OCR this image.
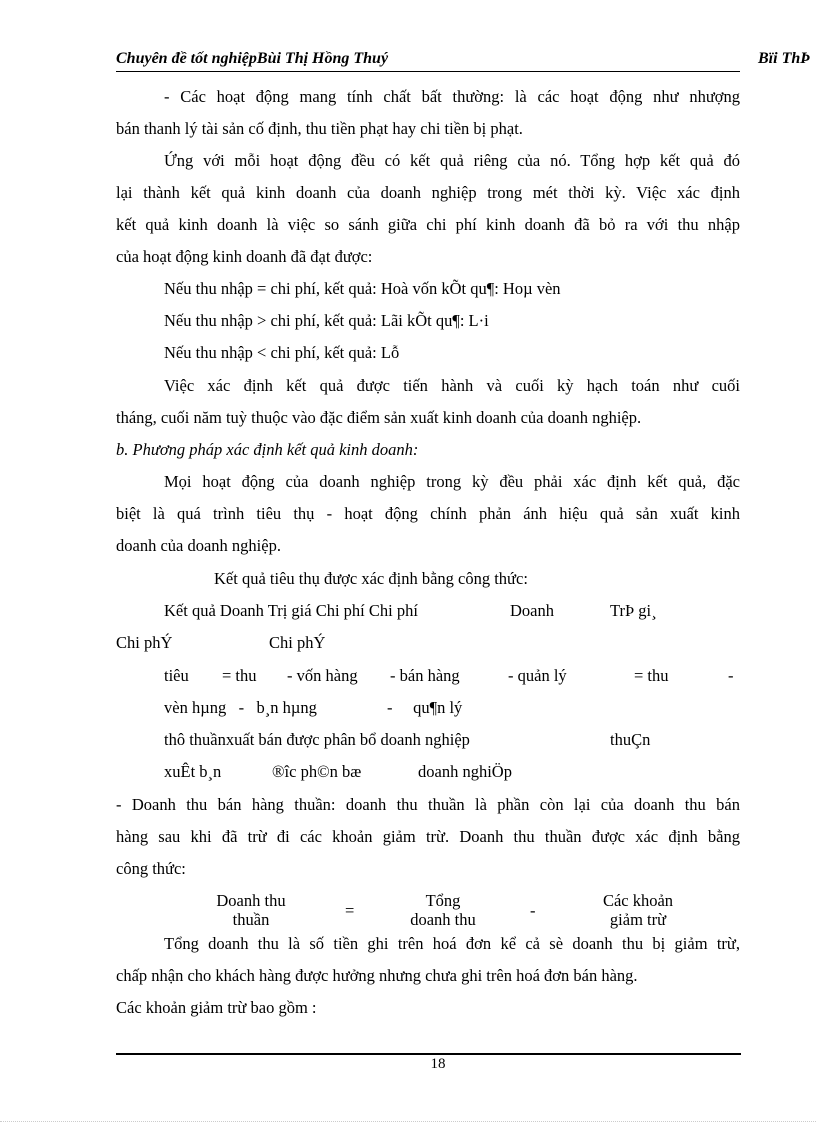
Chuyên đề tốt nghiệpBùi Thị Hồng Thuý	Bïi ThÞ
- Các hoạt động mang tính chất bất thường: là các hoạt động như nhượng
bán thanh lý tài sản cố định, thu tiền phạt hay chi tiền bị phạt.
Ứng với mỗi hoạt động đều có kết quả riêng của nó. Tổng hợp kết quả đó
lại thành kết quả kinh doanh của doanh nghiệp trong mét thời kỳ. Việc xác định
kết quả kinh doanh là việc so sánh giữa chi phí kinh doanh đã bỏ ra với thu nhập
của hoạt động kinh doanh đã đạt được:
Nếu thu nhập = chi phí, kết quả: Hoà vốn kÕt qu¶: Hoµ vèn
Nếu thu nhập > chi phí, kết quả: Lãi kÕt qu¶: L·i
Nếu thu nhập < chi phí, kết quả: Lỗ
Việc xác định kết quả được tiến hành và cuối kỳ hạch toán như cuối
tháng, cuối năm tuỳ thuộc vào đặc điểm sản xuất kinh doanh của doanh nghiệp.
b. Phương pháp xác định kết quả kinh doanh:
Mọi hoạt động của doanh nghiệp trong kỳ đều phải xác định kết quả, đặc
biệt là quá trình tiêu thụ - hoạt động chính phản ánh hiệu quả sản xuất kinh
doanh của doanh nghiệp.
Kết quả tiêu thụ được xác định bằng công thức:
Kết quả Doanh Trị giá Chi phí Chi phí	Doanh	TrÞ gi¸
Chi phÝ	Chi phÝ
tiêu = thu - vốn hàng - bán hàng	- quản lý	= thu	-
vèn hµng   -   b¸n hµng	-     qu¶n lý
thô thuầnxuất bán được phân bổ doanh nghiệp	thuÇn
xuÊt b¸n	®îc ph©n bæ	doanh nghiÖp
- Doanh thu bán hàng thuần: doanh thu thuần là phần còn lại của doanh thu bán
hàng sau khi đã trừ đi các khoản giảm trừ. Doanh thu thuần được xác định bằng
công thức:
Doanh thu
thuần	=
Tổng
doanh thu	-
Các khoản
giảm trừ
Tổng doanh thu là số tiền ghi trên hoá đơn kể cả sè doanh thu bị giảm trừ,
chấp nhận cho khách hàng được hưởng nhưng chưa ghi trên hoá đơn bán hàng.
Các khoản giảm trừ bao gồm :
18
